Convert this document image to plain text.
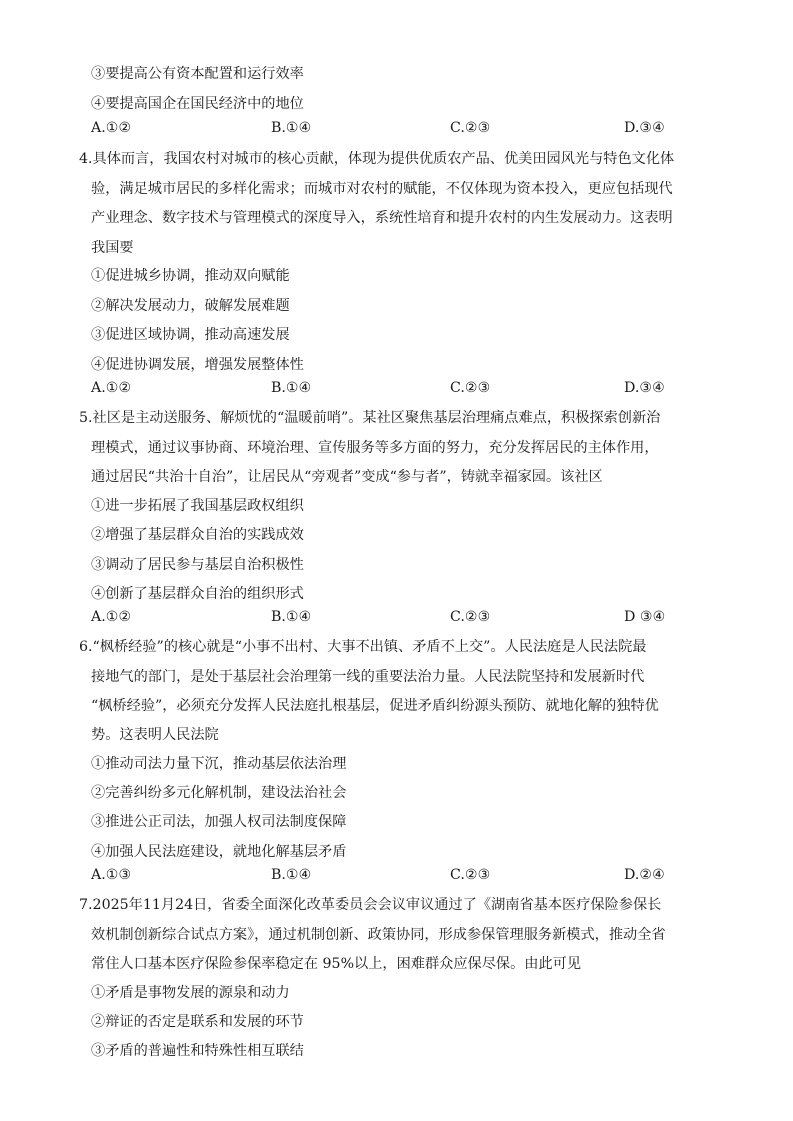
③要提高公有资本配置和运行效率
④要提高国企在国民经济中的地位
A.①②	B.①④	C.②③	D.③④
4.具体而言，我国农村对城市的核心贡献，体现为提供优质农产品、优美田园风光与特色文化体
验，满足城市居民的多样化需求；而城市对农村的赋能，不仅体现为资本投入，更应包括现代
产业理念、数字技术与管理模式的深度导入，系统性培育和提升农村的内生发展动力。这表明
我国要
①促进城乡协调，推动双向赋能
②解决发展动力，破解发展难题
③促进区域协调，推动高速发展
④促进协调发展，增强发展整体性
A.①②	B.①④	C.②③	D.③④
5.社区是主动送服务、解烦忧的“温暖前哨”。某社区聚焦基层治理痛点难点，积极探索创新治
理模式，通过议事协商、环境治理、宣传服务等多方面的努力，充分发挥居民的主体作用，
通过居民“共治十自治”，让居民从“旁观者”变成“参与者”，铸就幸福家园。该社区
①进一步拓展了我国基层政权组织
②增强了基层群众自治的实践成效
③调动了居民参与基层自治积极性
④创新了基层群众自治的组织形式
A.①②	B.①④	C.②③	D ③④
6.“枫桥经验”的核心就是“小事不出村、大事不出镇、矛盾不上交”。人民法庭是人民法院最
接地气的部门，是处于基层社会治理第一线的重要法治力量。人民法院坚持和发展新时代
“枫桥经验”，必须充分发挥人民法庭扎根基层，促进矛盾纠纷源头预防、就地化解的独特优
势。这表明人民法院
①推动司法力量下沉，推动基层依法治理
②完善纠纷多元化解机制，建设法治社会
③推进公正司法，加强人权司法制度保障
④加强人民法庭建设，就地化解基层矛盾
A.①③	B.①④	C.②③	D.②④
7.2025年11月24日，省委全面深化改革委员会会议审议通过了《湖南省基本医疗保险参保长
效机制创新综合试点方案》，通过机制创新、政策协同，形成参保管理服务新模式，推动全省
常住人口基本医疗保险参保率稳定在 95%以上，困难群众应保尽保。由此可见
①矛盾是事物发展的源泉和动力
②辩证的否定是联系和发展的环节
③矛盾的普遍性和特殊性相互联结
